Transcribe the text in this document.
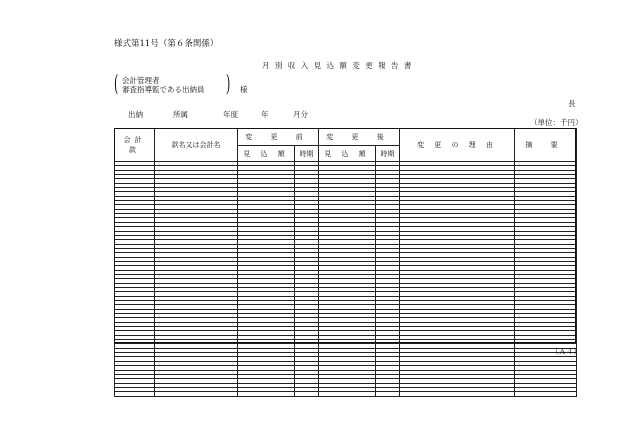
様式第11号（第６条関係）
月別収入見込額変更報告書
( 会計管理者
審査指導監である出納員 ) 様
長
出納	所属	年度	年	月分
（単位：千円）
会計 款	款名又は会計名	変 更 前		変 更 後		変 更 の 理 由	摘 要
		見 込 額	時期	見 込 額	時期		

（Ａ４）
